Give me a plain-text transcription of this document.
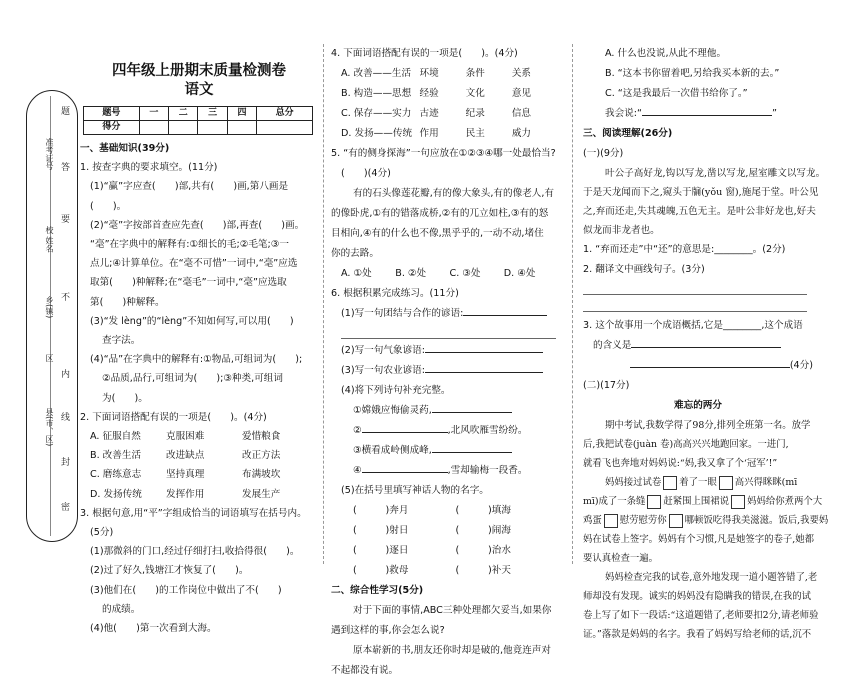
县(市、区)
区
乡(镇)
校 姓名
准考证号
密
封
线
内
不
要
答
题
四年级上册期末质量检测卷
语文
题号	一	二	三	四	总分
得分					
一、基础知识(39分)
1. 按查字典的要求填空。(11分)
(1)“赢”字应查(　　)部,共有(　　)画,第八画是
(　　)。
(2)“毫”字按部首查应先查(　　)部,再查(　　)画。
“毫”在字典中的解释有:①细长的毛;②毛笔;③一
点儿;④计算单位。在“毫不可惜”一词中,“毫”应选
取第(　　)种解释;在“毫毛”一词中,“毫”应选取
第(　　)种解释。
(3)“发 lèng”的“lèng”不知如何写,可以用(　　)
查字法。
(4)“品”在字典中的解释有:①物品,可组词为(　　);
②品质,品行,可组词为(　　);③种类,可组词
为(　　)。
2. 下面词语搭配有误的一项是(　　)。(4分)
A. 征服自然	克服困难	爱惜粮食
B. 改善生活	改进缺点	改正方法
C. 磨练意志	坚持真理	布满坡坎
D. 发扬传统	发挥作用	发展生产
3. 根据句意,用“平”字组成恰当的词语填写在括号内。
(5分)
(1)那微斜的门口,经过仔细打扫,收拾得很(　　)。
(2)过了好久,钱塘江才恢复了(　　)。
(3)他们在(　　)的工作岗位中做出了不(　　)
的成绩。
(4)他(　　)第一次看到大海。
4. 下面词语搭配有误的一项是(　　)。(4分)
A. 改善——生活 环境	条件	关系
B. 构造——思想 经验	文化	意见
C. 保存——实力 古迹	纪录	信息
D. 发扬——传统 作用	民主	威力
5. “有的侧身探海”一句应放在①②③④哪一处最恰当?
(　　)(4分)
有的石头像莲花瓣,有的像大象头,有的像老人,有
的像卧虎,①有的错落成桥,②有的兀立如柱,③有的怒
目相向,④有的什么也不像,黑乎乎的,一动不动,堵住
你的去路。
A. ①处	B. ②处	C. ③处	D. ④处
6. 根据积累完成练习。(11分)
(1)写一句团结与合作的谚语:
(2)写一句气象谚语:
(3)写一句农业谚语:
(4)将下列诗句补充完整。
①嫦娥应悔偷灵药,
②	,北风吹雁雪纷纷。
③横看成岭侧成峰,
④	,雪却输梅一段香。
(5)在括号里填写神话人物的名字。
(　　　)奔月	(　　　)填海
(　　　)射日	(　　　)闹海
(　　　)逐日	(　　　)治水
(　　　)救母	(　　　)补天
二、综合性学习(5分)
对于下面的事情,ABC三种处理都欠妥当,如果你
遇到这样的事,你会怎么说?
原本崭新的书,朋友还你时却是破的,他竟连声对
不起都没有说。
A. 什么也没说,从此不理他。
B. “这本书你留着吧,另给我买本新的去。”
C. “这是我最后一次借书给你了。”
我会说:“	”
三、阅读理解(26分)
(一)(9分)
叶公子高好龙,钩以写龙,凿以写龙,屋室雕文以写龙。
于是天龙闻而下之,窥头于牖(yǒu 窗),施尾于堂。叶公见
之,弃而还走,失其魂魄,五色无主。是叶公非好龙也,好夫
似龙而非龙者也。
1. “弃而还走”中“还”的意思是:________。(2分)
2. 翻译文中画线句子。(3分)
3. 这个故事用一个成语概括,它是________,这个成语
的含义是
(4分)
(二)(17分)
难忘的两分
期中考试,我数学得了98分,排列全班第一名。放学
后,我把试卷(juàn 卷)高高兴兴地跑回家。一进门,
就看飞也奔地对妈妈说:“妈,我又拿了个‘冠军’!”
妈妈接过试卷 着了一眼 高兴得眯眯(mī
mī)成了一条缝 赶紧围上围裙说 妈妈给你煮两个大
鸡蛋 慰劳慰劳你 哪顿饭吃得我美滋滋。饭后,我要妈
妈在试卷上签字。妈妈有个习惯,凡是她签字的卷子,她都
要认真检查一遍。
妈妈检查完我的试卷,意外地发现一道小题答错了,老
师却没有发现。诚实的妈妈没有隐瞒我的错误,在我的试
卷上写了如下一段话:“这道题错了,老师要扣2分,请老师验
证。”落款是妈妈的名字。我看了妈妈写给老师的话,沉不
